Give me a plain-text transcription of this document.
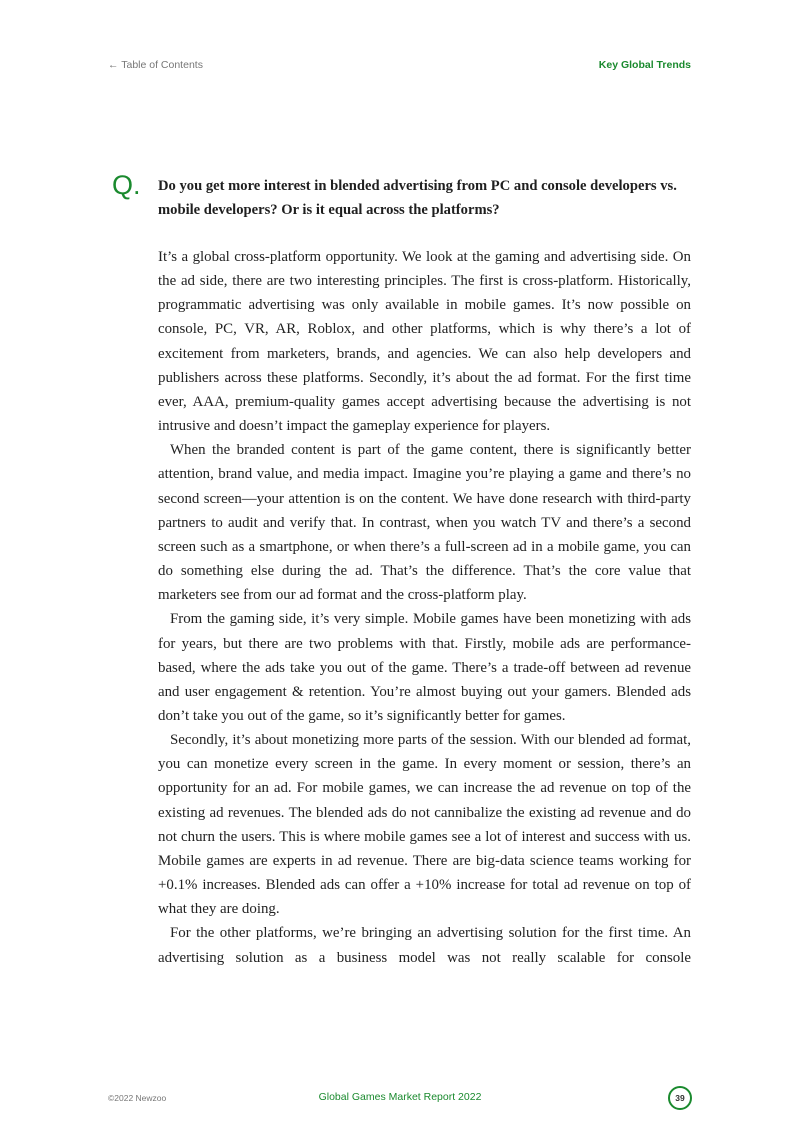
← Table of Contents	Key Global Trends
Q. Do you get more interest in blended advertising from PC and console developers vs. mobile developers? Or is it equal across the platforms?

It’s a global cross-platform opportunity. We look at the gaming and advertising side. On the ad side, there are two interesting principles. The first is cross-platform. Historically, programmatic advertising was only available in mobile games. It’s now possible on console, PC, VR, AR, Roblox, and other platforms, which is why there’s a lot of excitement from marketers, brands, and agencies. We can also help developers and publishers across these platforms. Secondly, it’s about the ad format. For the first time ever, AAA, premium-quality games accept advertising because the advertising is not intrusive and doesn’t impact the gameplay experience for players.

When the branded content is part of the game content, there is significantly better attention, brand value, and media impact. Imagine you’re playing a game and there’s no second screen—your attention is on the content. We have done research with third-party partners to audit and verify that. In contrast, when you watch TV and there’s a second screen such as a smartphone, or when there’s a full-screen ad in a mobile game, you can do something else during the ad. That’s the difference. That’s the core value that marketers see from our ad format and the cross-platform play.

From the gaming side, it’s very simple. Mobile games have been monetizing with ads for years, but there are two problems with that. Firstly, mobile ads are performance-based, where the ads take you out of the game. There’s a trade-off between ad revenue and user engagement & retention. You’re almost buying out your gamers. Blended ads don’t take you out of the game, so it’s significantly better for games.

Secondly, it’s about monetizing more parts of the session. With our blended ad format, you can monetize every screen in the game. In every moment or session, there’s an opportunity for an ad. For mobile games, we can increase the ad revenue on top of the existing ad revenues. The blended ads do not cannibalize the existing ad revenue and do not churn the users. This is where mobile games see a lot of interest and success with us. Mobile games are experts in ad revenue. There are big-data science teams working for +0.1% increases. Blended ads can offer a +10% increase for total ad revenue on top of what they are doing.

For the other platforms, we’re bringing an advertising solution for the first time. An advertising solution as a business model was not really scalable for console

©2022 Newzoo	Global Games Market Report 2022	39
